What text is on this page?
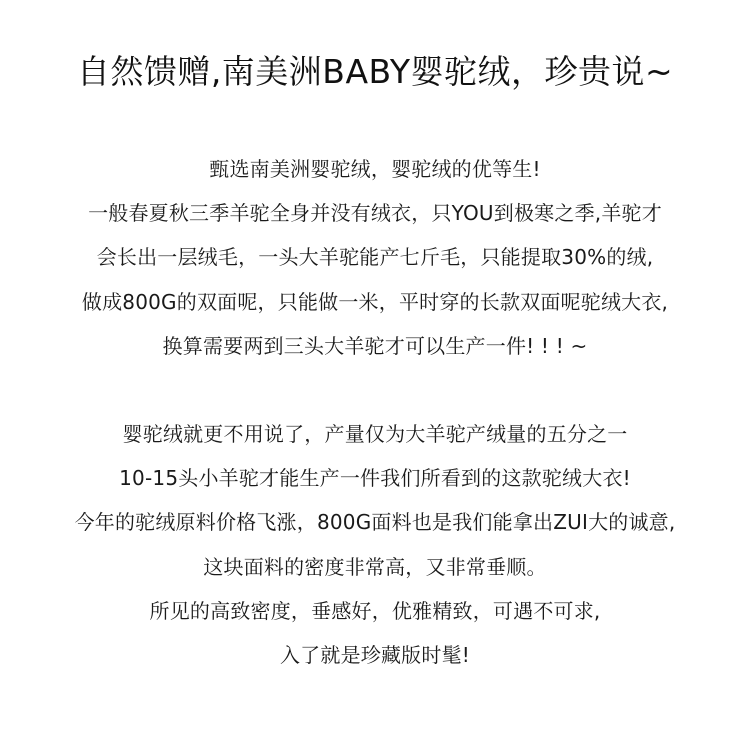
自然馈赠,南美洲BABY婴驼绒，珍贵说~
甄选南美洲婴驼绒，婴驼绒的优等生!
一般春夏秋三季羊驼全身并没有绒衣，只YOU到极寒之季,羊驼才
会长出一层绒毛，一头大羊驼能产七斤毛，只能提取30%的绒,
做成800G的双面呢，只能做一米，平时穿的长款双面呢驼绒大衣,
换算需要两到三头大羊驼才可以生产一件! ! ! ~
婴驼绒就更不用说了，产量仅为大羊驼产绒量的五分之一
10-15头小羊驼才能生产一件我们所看到的这款驼绒大衣!
今年的驼绒原料价格飞涨，800G面料也是我们能拿出ZUI大的诚意,
这块面料的密度非常高，又非常垂顺。
所见的高致密度，垂感好，优雅精致，可遇不可求,
入了就是珍藏版时髦!
